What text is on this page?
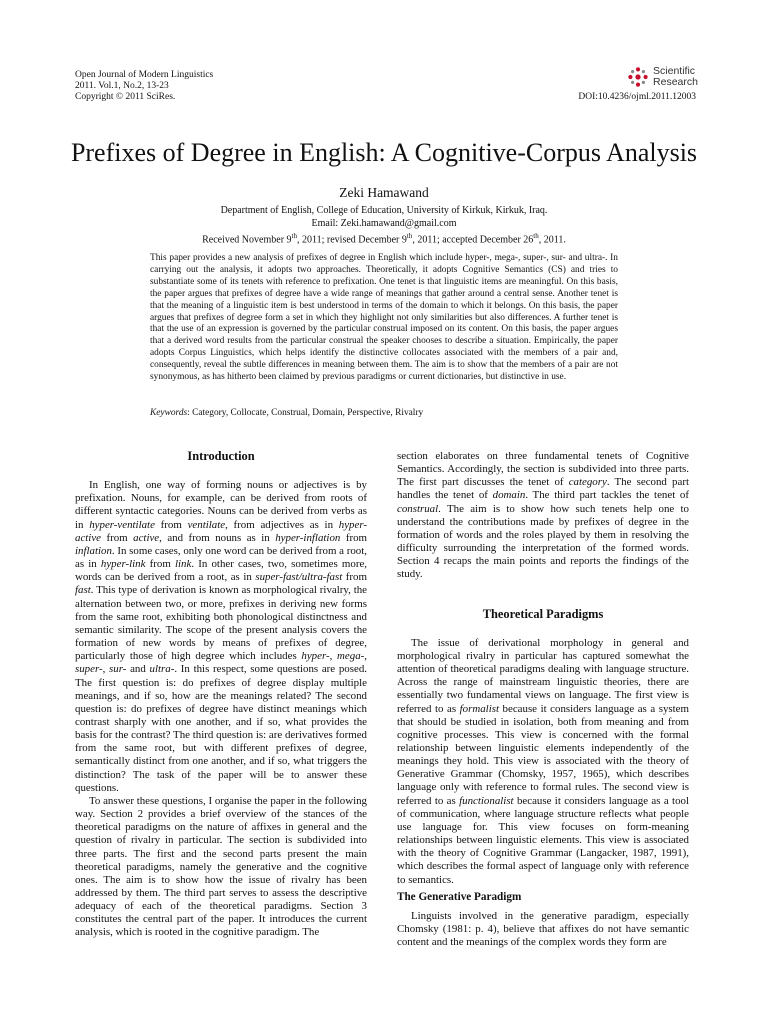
Open Journal of Modern Linguistics
2011. Vol.1, No.2, 13-23
Copyright © 2011 SciRes.
Scientific
Research
DOI:10.4236/ojml.2011.12003
Prefixes of Degree in English: A Cognitive-Corpus Analysis
Zeki Hamawand
Department of English, College of Education, University of Kirkuk, Kirkuk, Iraq.
Email: Zeki.hamawand@gmail.com
Received November 9th, 2011; revised December 9th, 2011; accepted December 26th, 2011.

This paper provides a new analysis of prefixes of degree in English which include hyper-, mega-, super-, sur- and ultra-. In carrying out the analysis, it adopts two approaches. Theoretically, it adopts Cognitive Semantics (CS) and tries to substantiate some of its tenets with reference to prefixation. One tenet is that linguistic items are meaningful. On this basis, the paper argues that prefixes of degree have a wide range of meanings that gather around a central sense. Another tenet is that the meaning of a linguistic item is best understood in terms of the domain to which it belongs. On this basis, the paper argues that prefixes of degree form a set in which they highlight not only similarities but also differences. A further tenet is that the use of an expression is governed by the particular construal imposed on its content. On this basis, the paper argues that a derived word results from the particular construal the speaker chooses to describe a situation. Empirically, the paper adopts Corpus Linguistics, which helps identify the distinctive collocates associated with the members of a pair and, consequently, reveal the subtle differences in meaning between them. The aim is to show that the members of a pair are not synonymous, as has hitherto been claimed by previous paradigms or current dictionaries, but distinctive in use.

Keywords: Category, Collocate, Construal, Domain, Perspective, Rivalry

Introduction

In English, one way of forming nouns or adjectives is by prefixation. Nouns, for example, can be derived from roots of different syntactic categories. Nouns can be derived from verbs as in hyper-ventilate from ventilate, from adjectives as in hyper-active from active, and from nouns as in hyper-inflation from inflation. In some cases, only one word can be derived from a root, as in hyper-link from link. In other cases, two, sometimes more, words can be derived from a root, as in super-fast/ultra-fast from fast. This type of derivation is known as morphological rivalry, the alternation between two, or more, prefixes in deriving new forms from the same root, exhibiting both phonological distinctness and semantic similarity. The scope of the present analysis covers the formation of new words by means of prefixes of degree, particularly those of high degree which includes hyper-, mega-, super-, sur- and ultra-. In this respect, some questions are posed. The first question is: do prefixes of degree display multiple meanings, and if so, how are the meanings related? The second question is: do prefixes of degree have distinct meanings which contrast sharply with one another, and if so, what provides the basis for the contrast? The third question is: are derivatives formed from the same root, but with different prefixes of degree, semantically distinct from one another, and if so, what triggers the distinction? The task of the paper will be to answer these questions.

To answer these questions, I organise the paper in the following way. Section 2 provides a brief overview of the stances of the theoretical paradigms on the nature of affixes in general and the question of rivalry in particular. The section is subdivided into three parts. The first and the second parts present the main theoretical paradigms, namely the generative and the cognitive ones. The aim is to show how the issue of rivalry has been addressed by them. The third part serves to assess the descriptive adequacy of each of the theoretical paradigms. Section 3 constitutes the central part of the paper. It introduces the current analysis, which is rooted in the cognitive paradigm. The

section elaborates on three fundamental tenets of Cognitive Semantics. Accordingly, the section is subdivided into three parts. The first part discusses the tenet of category. The second part handles the tenet of domain. The third part tackles the tenet of construal. The aim is to show how such tenets help one to understand the contributions made by prefixes of degree in the formation of words and the roles played by them in resolving the difficulty surrounding the interpretation of the formed words. Section 4 recaps the main points and reports the findings of the study.

Theoretical Paradigms

The issue of derivational morphology in general and morphological rivalry in particular has captured somewhat the attention of theoretical paradigms dealing with language structure. Across the range of mainstream linguistic theories, there are essentially two fundamental views on language. The first view is referred to as formalist because it considers language as a system that should be studied in isolation, both from meaning and from cognitive processes. This view is concerned with the formal relationship between linguistic elements independently of the meanings they hold. This view is associated with the theory of Generative Grammar (Chomsky, 1957, 1965), which describes language only with reference to formal rules. The second view is referred to as functionalist because it considers language as a tool of communication, where language structure reflects what people use language for. This view focuses on form-meaning relationships between linguistic elements. This view is associated with the theory of Cognitive Grammar (Langacker, 1987, 1991), which describes the formal aspect of language only with reference to semantics.

The Generative Paradigm

Linguists involved in the generative paradigm, especially Chomsky (1981: p. 4), believe that affixes do not have semantic content and the meanings of the complex words they form are
